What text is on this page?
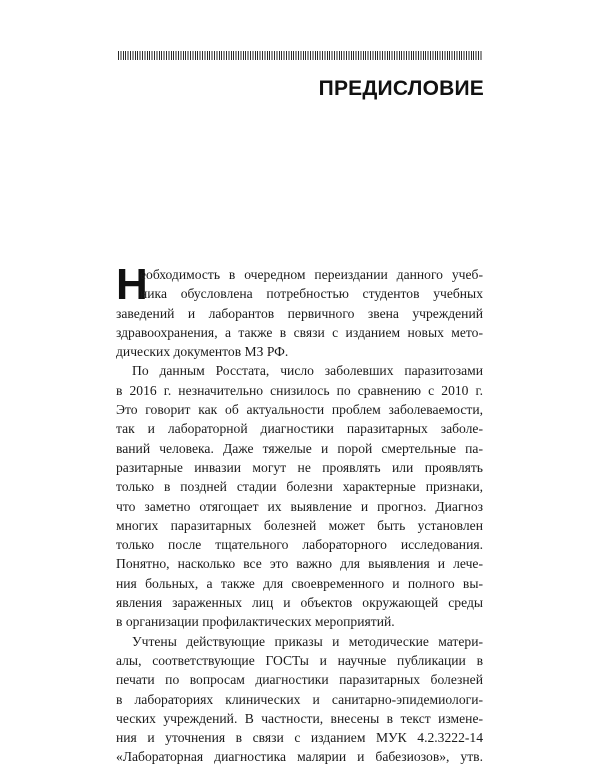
ПРЕДИСЛОВИЕ
Н

еобходимость в очередном переиздании данного учеб-
ника обусловлена потребностью студентов учебных
заведений и лаборантов первичного звена учреждений
здравоохранения, а также в связи с изданием новых мето-
дических документов МЗ РФ.

По данным Росстата, число заболевших паразитозами
в 2016 г. незначительно снизилось по сравнению с 2010 г.
Это говорит как об актуальности проблем заболеваемости,
так и лабораторной диагностики паразитарных заболе-
ваний человека. Даже тяжелые и порой смертельные па-
разитарные инвазии могут не проявлять или проявлять
только в поздней стадии болезни характерные признаки,
что заметно отягощает их выявление и прогноз. Диагноз
многих паразитарных болезней может быть установлен
только после тщательного лабораторного исследования.
Понятно, насколько все это важно для выявления и лече-
ния больных, а также для своевременного и полного вы-
явления зараженных лиц и объектов окружающей среды
в организации профилактических мероприятий.

Учтены действующие приказы и методические матери-
алы, соответствующие ГОСТы и научные публикации в
печати по вопросам диагностики паразитарных болезней
в лабораториях клинических и санитарно-эпидемиологи-
ческих учреждений. В частности, внесены в текст измене-
ния и уточнения в связи с изданием МУК 4.2.3222-14
«Лабораторная диагностика малярии и бабезиозов», утв.
